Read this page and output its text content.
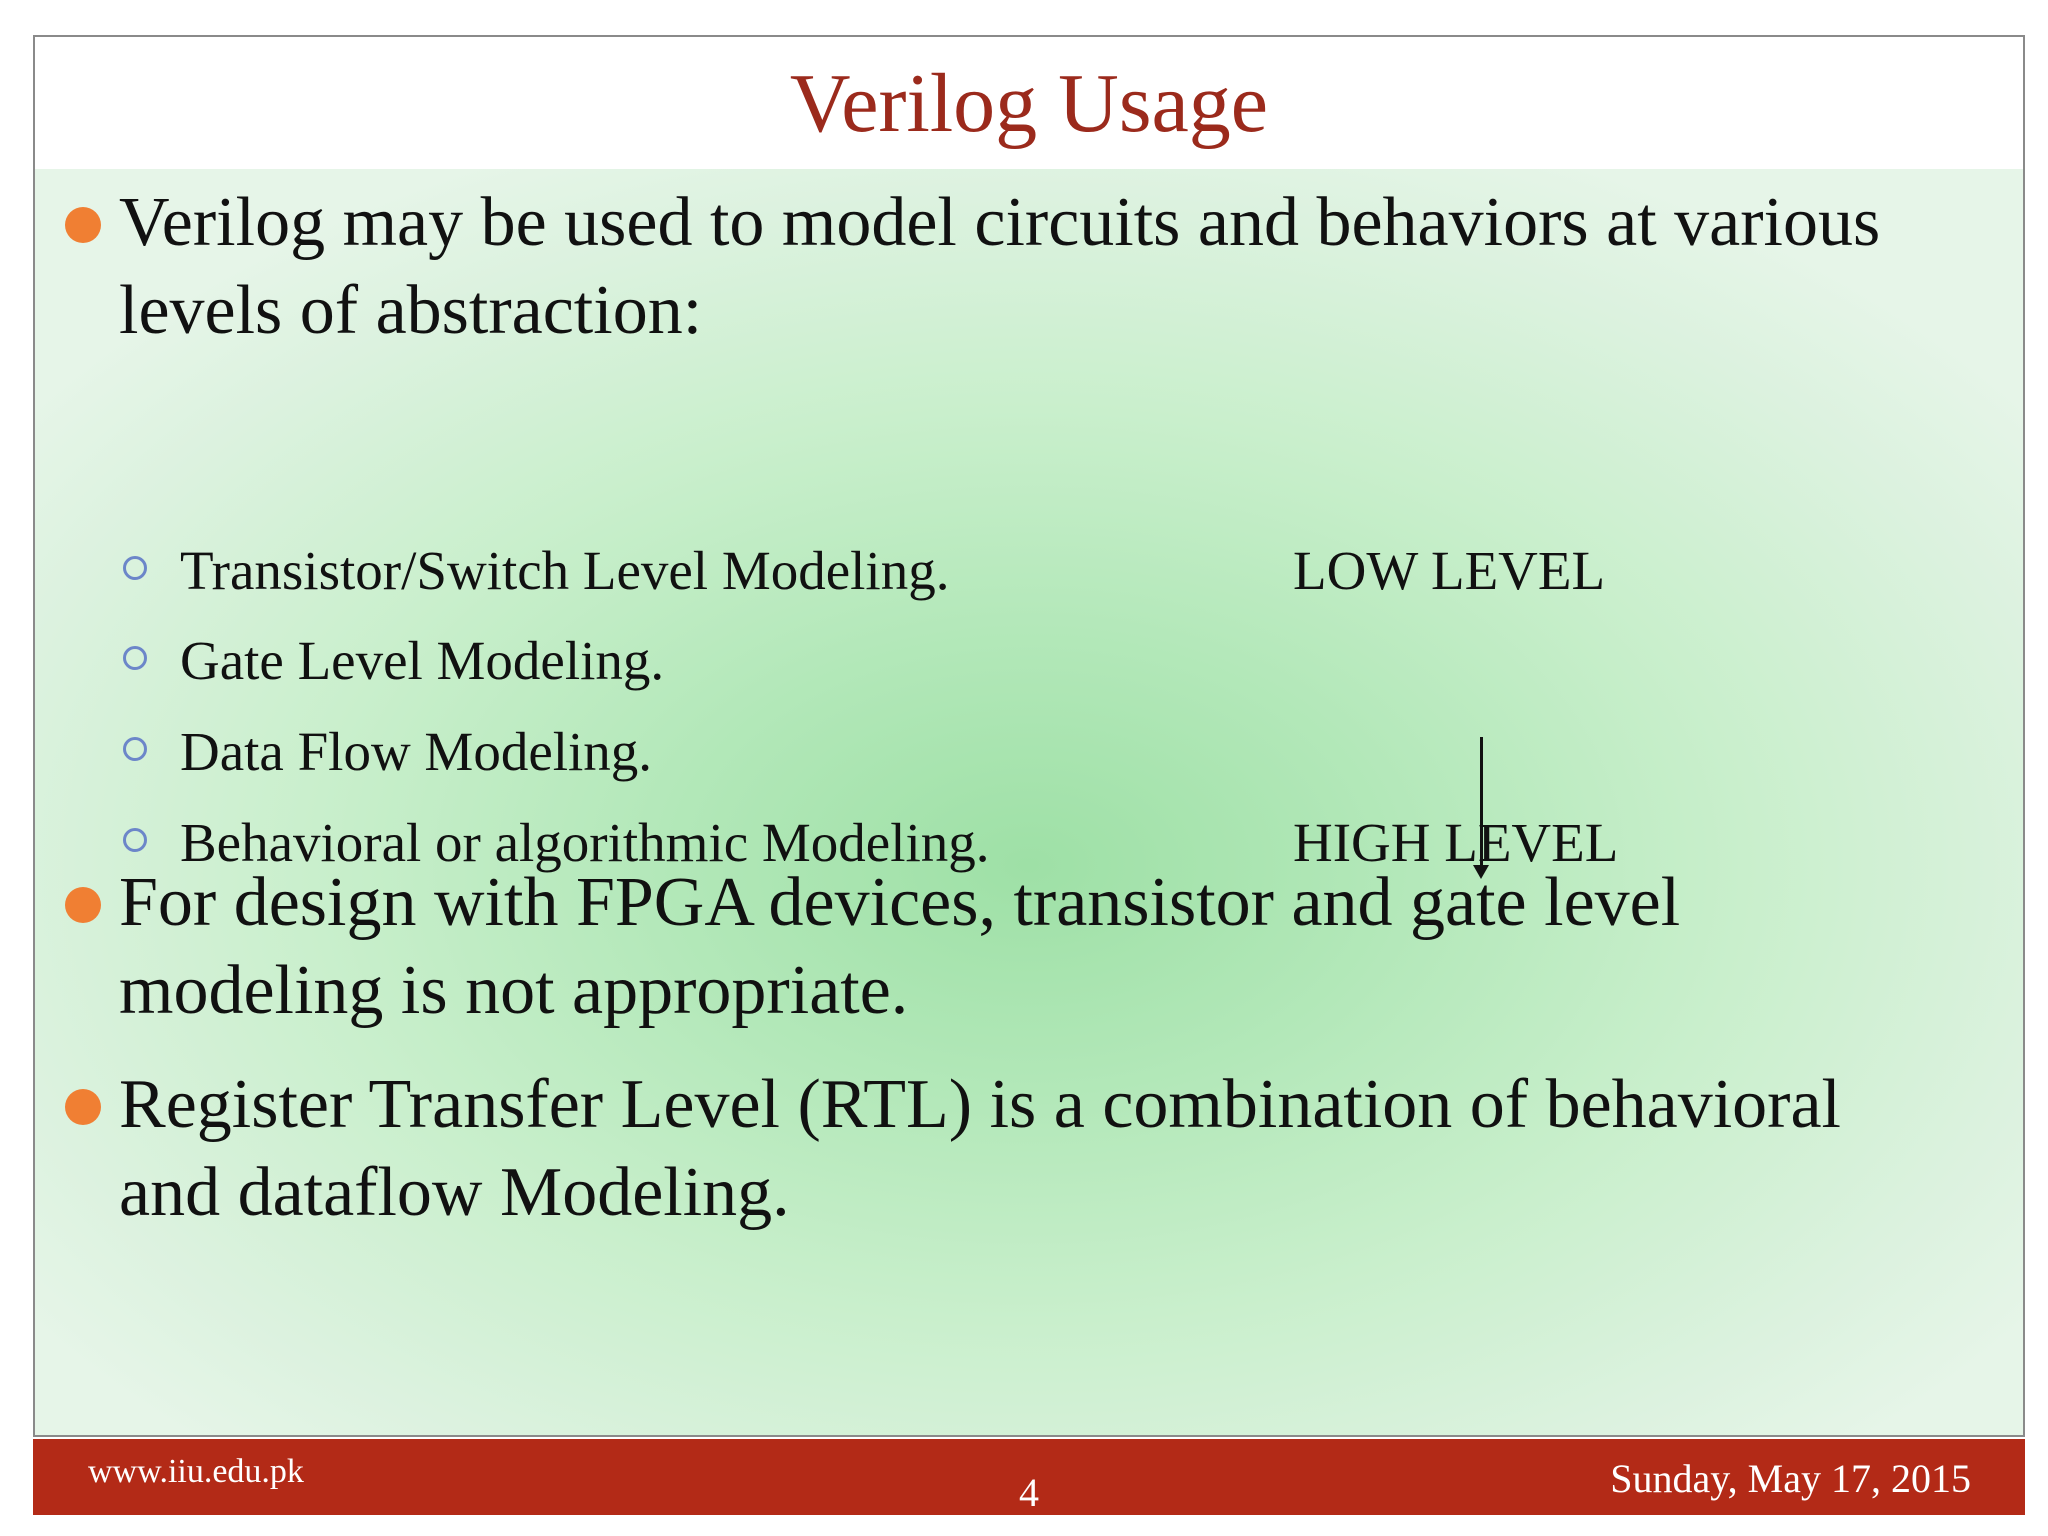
Verilog Usage
Verilog may be used to model circuits and behaviors at various levels of abstraction:
Transistor/Switch Level Modeling.
Gate Level Modeling.
Data Flow Modeling.
Behavioral or algorithmic Modeling.
LOW LEVEL
HIGH LEVEL
For design with FPGA devices, transistor and gate level modeling is not appropriate.
Register Transfer Level (RTL) is a combination of behavioral and dataflow Modeling.
www.iiu.edu.pk	4	Sunday, May 17, 2015
